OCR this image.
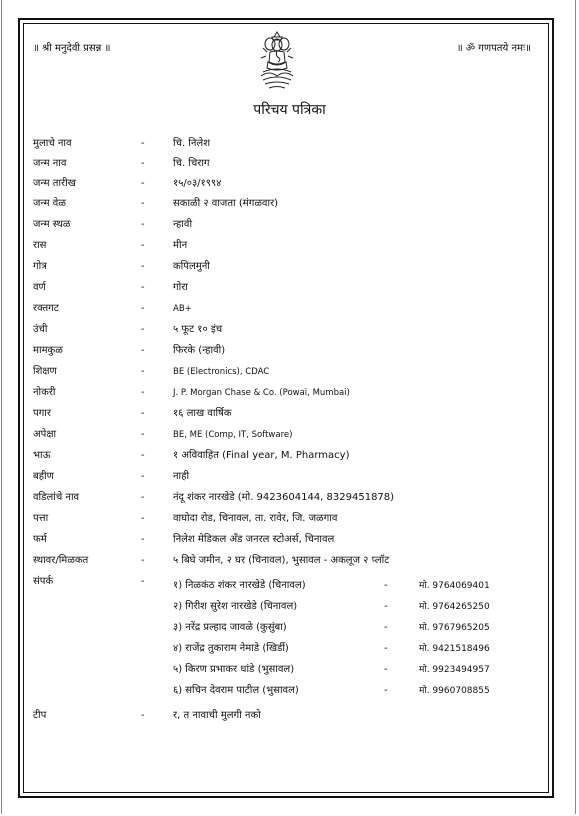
॥ श्री मनुदेवी प्रसन्न ॥	॥ ॐ गणपतये नमः॥
परिचय पत्रिका
मुलाचे नाव	-	चि. निलेश
जन्म नाव	-	चि. चिराग
जन्म तारीख	-	१५/०३/१९९४
जन्म वेळ	-	सकाळी २ वाजता (मंगळवार)
जन्म स्थळ	-	न्हावी
रास	-	मीन
गोत्र	-	कपिलमुनी
वर्ण	-	गोरा
रक्तगट	-	AB+
उंची	-	५ फूट १० इंच
मामकुळ	-	फिरके (न्हावी)
शिक्षण	-	BE (Electronics), CDAC
नोकरी	-	J. P. Morgan Chase & Co. (Powai, Mumbai)
पगार	-	१६ लाख वार्षिक
अपेक्षा	-	BE, ME (Comp, IT, Software)
भाऊ	-	१ अविवाहित (Final year, M. Pharmacy)
बहीण	-	नाही
वडिलांचे नाव	-	नंदू शंकर नारखेडे (मो. 9423604144, 8329451878)
पत्ता	-	वाघोदा रोड, चिनावल, ता. रावेर, जि. जळगाव
फर्म	-	निलेश मेडिकल अँड जनरल स्टोअर्स, चिनावल
स्थावर/मिळकत	-	५ बिघे जमीन, २ घर (चिनावल), भुसावल - अकलूज २ प्लॉट
संपर्क	-	१) निळकंठ शंकर नारखेडे (चिनावल)	-	मो. 9764069401
२) गिरीश सुरेश नारखेडे (चिनावल)	-	मो. 9764265250
३) नरेंद्र प्रल्हाद जावळे (कुसुंबा)	-	मो. 9767965205
४) राजेंद्र तुकाराम नेमाडे (खिर्डी)	-	मो. 9421518496
५) किरण प्रभाकर धांडे (भुसावल)	-	मो. 9923494957
६) सचिन देवराम पाटील (भुसावल)	-	मो. 9960708855
टीप	-	र, त नावाची मुलगी नको
